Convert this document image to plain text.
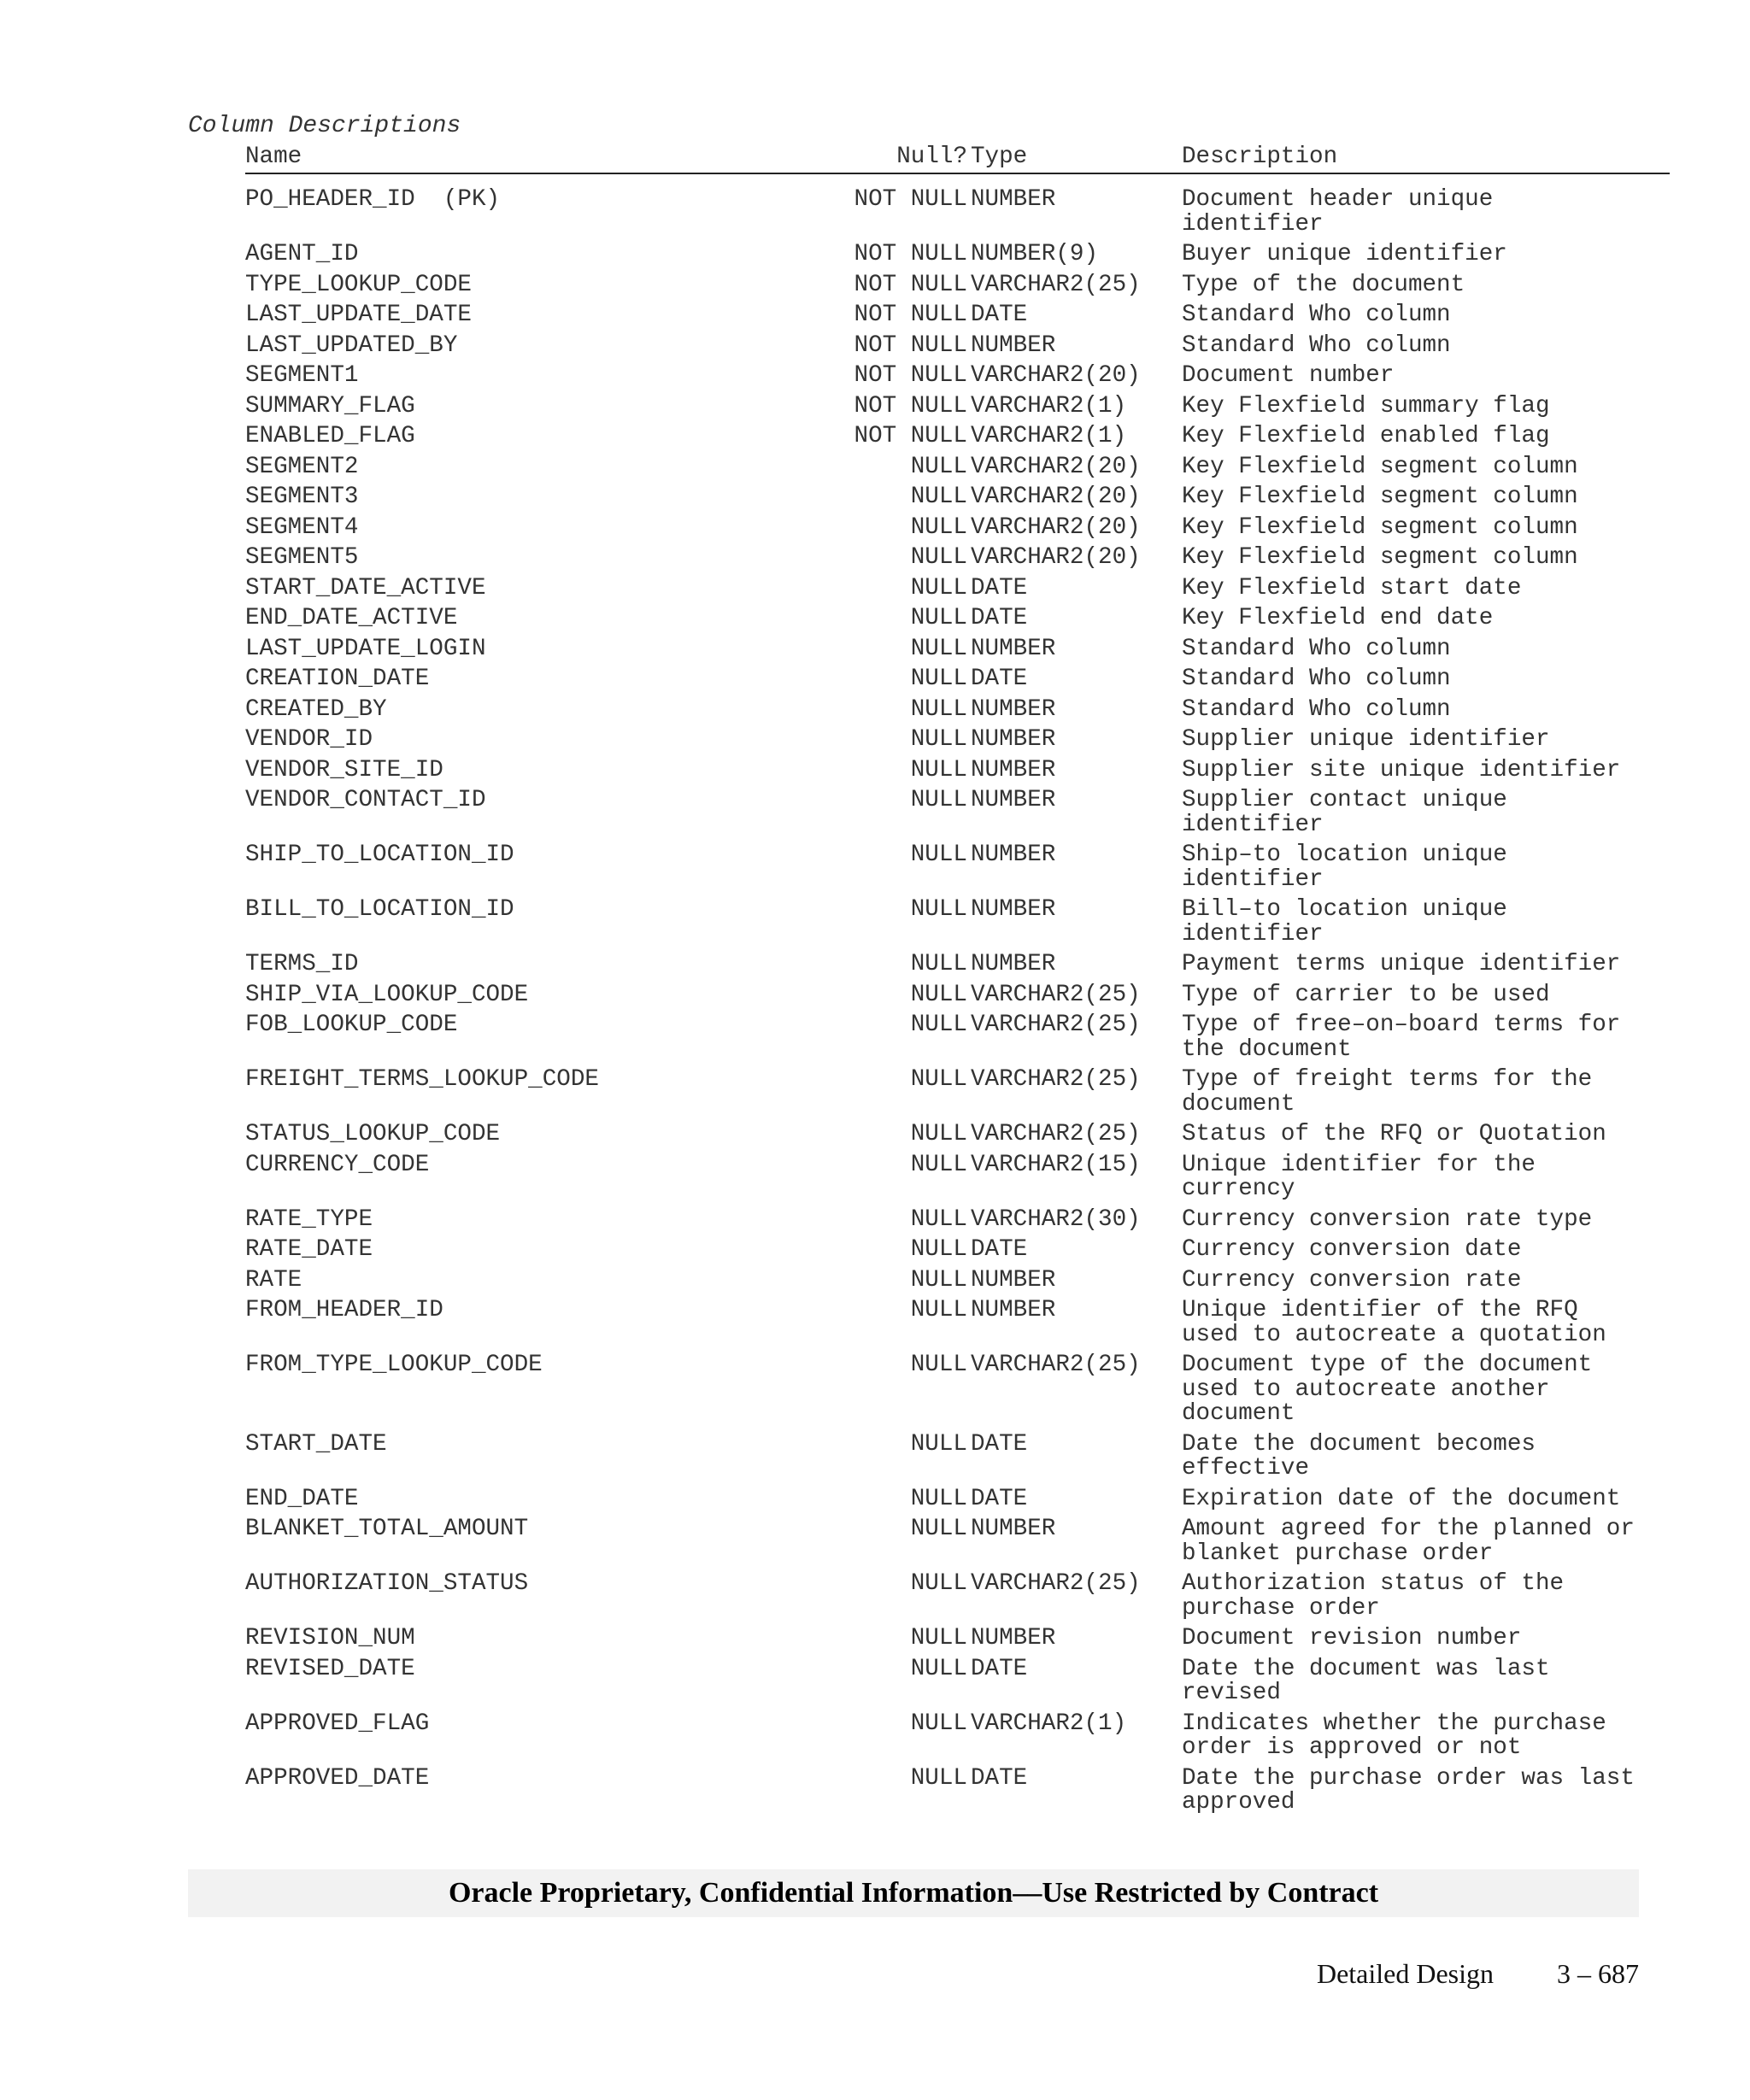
Column Descriptions
Name	Null? Type	Description
PO_HEADER_ID  (PK)	NOT NULL NUMBER	Document header unique identifier
AGENT_ID	NOT NULL NUMBER(9)	Buyer unique identifier
TYPE_LOOKUP_CODE	NOT NULL VARCHAR2(25) Type of the document
LAST_UPDATE_DATE	NOT NULL DATE	Standard Who column
LAST_UPDATED_BY	NOT NULL NUMBER	Standard Who column
SEGMENT1	NOT NULL VARCHAR2(20) Document number
SUMMARY_FLAG	NOT NULL VARCHAR2(1) Key Flexfield summary flag
ENABLED_FLAG	NOT NULL VARCHAR2(1) Key Flexfield enabled flag
SEGMENT2	NULL VARCHAR2(20) Key Flexfield segment column
SEGMENT3	NULL VARCHAR2(20) Key Flexfield segment column
SEGMENT4	NULL VARCHAR2(20) Key Flexfield segment column
SEGMENT5	NULL VARCHAR2(20) Key Flexfield segment column
START_DATE_ACTIVE	NULL DATE	Key Flexfield start date
END_DATE_ACTIVE	NULL DATE	Key Flexfield end date
LAST_UPDATE_LOGIN	NULL NUMBER	Standard Who column
CREATION_DATE	NULL DATE	Standard Who column
CREATED_BY	NULL NUMBER	Standard Who column
VENDOR_ID	NULL NUMBER	Supplier unique identifier
VENDOR_SITE_ID	NULL NUMBER	Supplier site unique identifier
VENDOR_CONTACT_ID	NULL NUMBER	Supplier contact unique identifier
SHIP_TO_LOCATION_ID	NULL NUMBER	Ship–to location unique identifier
BILL_TO_LOCATION_ID	NULL NUMBER	Bill–to location unique identifier
TERMS_ID	NULL NUMBER	Payment terms unique identifier
SHIP_VIA_LOOKUP_CODE	NULL VARCHAR2(25) Type of carrier to be used
FOB_LOOKUP_CODE	NULL VARCHAR2(25) Type of free–on–board terms for the document
FREIGHT_TERMS_LOOKUP_CODE	NULL VARCHAR2(25) Type of freight terms for the document
STATUS_LOOKUP_CODE	NULL VARCHAR2(25) Status of the RFQ or Quotation
CURRENCY_CODE	NULL VARCHAR2(15) Unique identifier for the currency
RATE_TYPE	NULL VARCHAR2(30) Currency conversion rate type
RATE_DATE	NULL DATE	Currency conversion date
RATE	NULL NUMBER	Currency conversion rate
FROM_HEADER_ID	NULL NUMBER	Unique identifier of the RFQ used to autocreate a quotation
FROM_TYPE_LOOKUP_CODE	NULL VARCHAR2(25) Document type of the document used to autocreate another document
START_DATE	NULL DATE	Date the document becomes effective
END_DATE	NULL DATE	Expiration date of the document
BLANKET_TOTAL_AMOUNT	NULL NUMBER	Amount agreed for the planned or blanket purchase order
AUTHORIZATION_STATUS	NULL VARCHAR2(25) Authorization status of the purchase order
REVISION_NUM	NULL NUMBER	Document revision number
REVISED_DATE	NULL DATE	Date the document was last revised
APPROVED_FLAG	NULL VARCHAR2(1) Indicates whether the purchase order is approved or not
APPROVED_DATE	NULL DATE	Date the purchase order was last approved
Oracle Proprietary, Confidential Information––Use Restricted by Contract
Detailed Design 3 – 687
